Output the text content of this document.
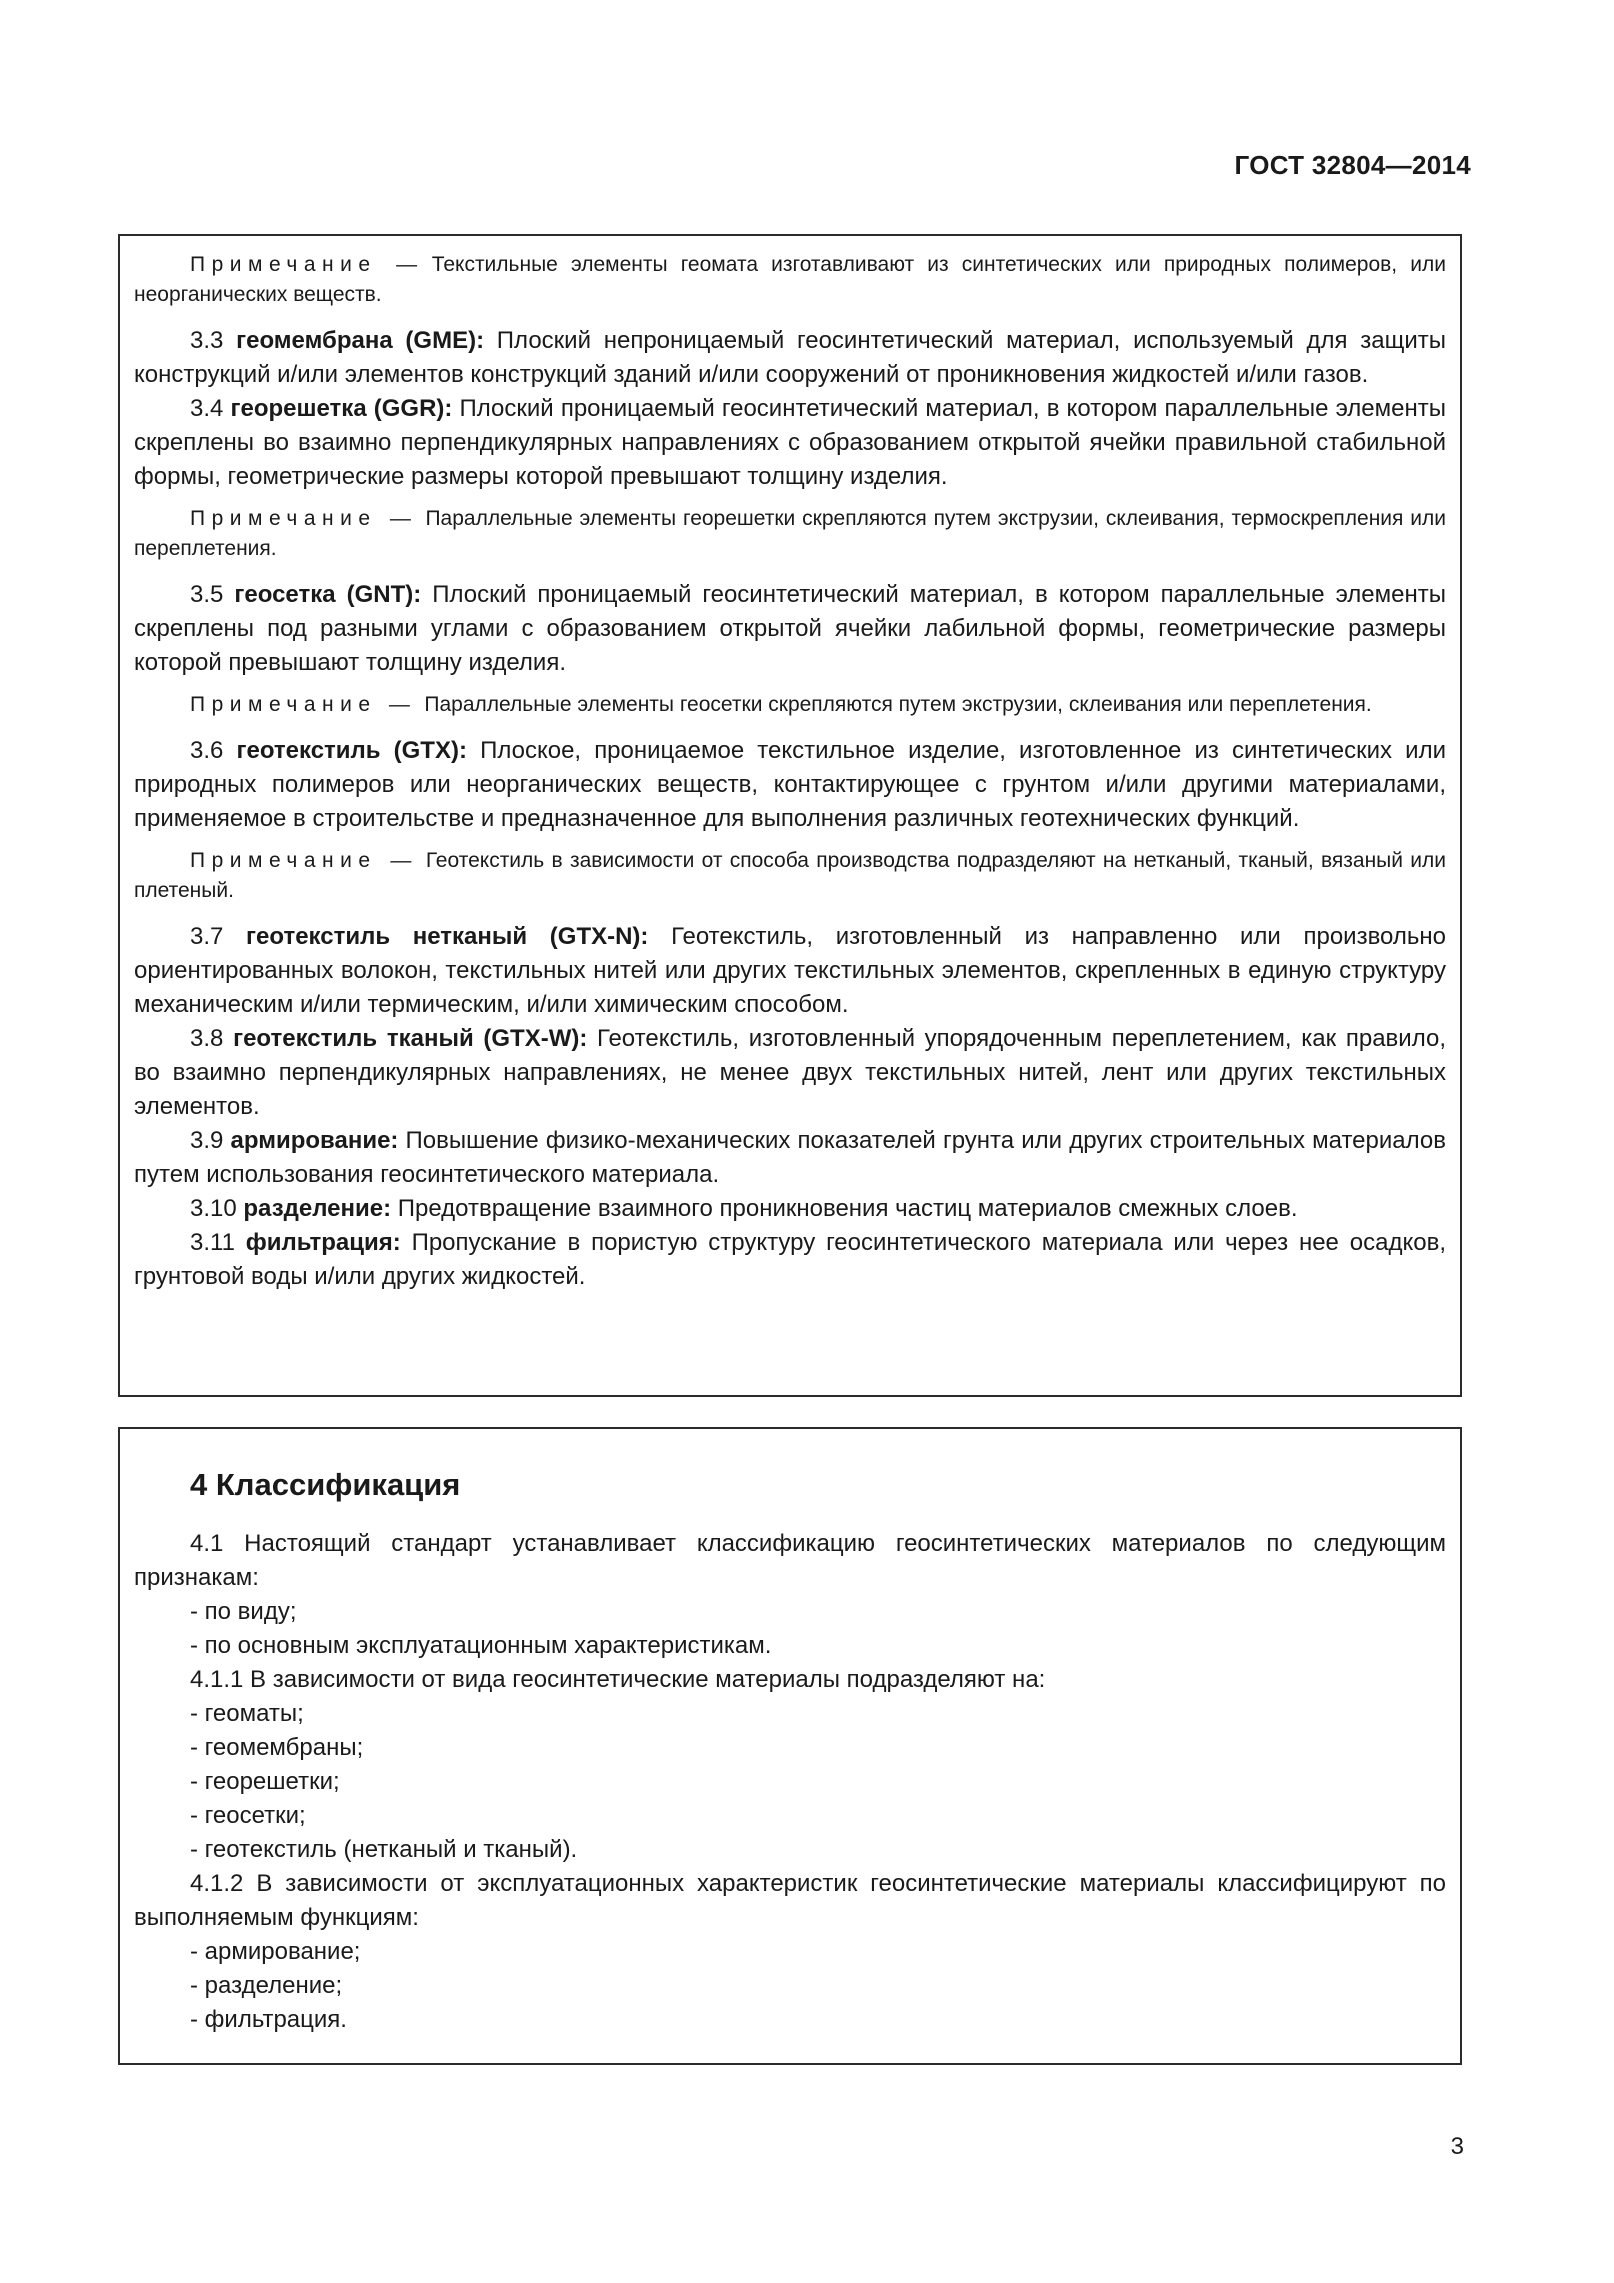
ГОСТ 32804—2014

Примечание — Текстильные элементы геомата изготавливают из синтетических или природных полимеров, или неорганических веществ.

3.3 геомембрана (GME): Плоский непроницаемый геосинтетический материал, используемый для защиты конструкций и/или элементов конструкций зданий и/или сооружений от проникновения жидкостей и/или газов.

3.4 георешетка (GGR): Плоский проницаемый геосинтетический материал, в котором параллельные элементы скреплены во взаимно перпендикулярных направлениях с образованием открытой ячейки правильной стабильной формы, геометрические размеры которой превышают толщину изделия.

Примечание — Параллельные элементы георешетки скрепляются путем экструзии, склеивания, термоскрепления или переплетения.

3.5 геосетка (GNT): Плоский проницаемый геосинтетический материал, в котором параллельные элементы скреплены под разными углами с образованием открытой ячейки лабильной формы, геометрические размеры которой превышают толщину изделия.

Примечание — Параллельные элементы геосетки скрепляются путем экструзии, склеивания или переплетения.

3.6 геотекстиль (GTX): Плоское, проницаемое текстильное изделие, изготовленное из синтетических или природных полимеров или неорганических веществ, контактирующее с грунтом и/или другими материалами, применяемое в строительстве и предназначенное для выполнения различных геотехнических функций.

Примечание — Геотекстиль в зависимости от способа производства подразделяют на нетканый, тканый, вязаный или плетеный.

3.7 геотекстиль нетканый (GTX-N): Геотекстиль, изготовленный из направленно или произвольно ориентированных волокон, текстильных нитей или других текстильных элементов, скрепленных в единую структуру механическим и/или термическим, и/или химическим способом.

3.8 геотекстиль тканый (GTX-W): Геотекстиль, изготовленный упорядоченным переплетением, как правило, во взаимно перпендикулярных направлениях, не менее двух текстильных нитей, лент или других текстильных элементов.

3.9 армирование: Повышение физико-механических показателей грунта или других строительных материалов путем использования геосинтетического материала.

3.10 разделение: Предотвращение взаимного проникновения частиц материалов смежных слоев.

3.11 фильтрация: Пропускание в пористую структуру геосинтетического материала или через нее осадков, грунтовой воды и/или других жидкостей.

4 Классификация

4.1 Настоящий стандарт устанавливает классификацию геосинтетических материалов по следующим признакам:

- по виду;
- по основным эксплуатационным характеристикам.

4.1.1 В зависимости от вида геосинтетические материалы подразделяют на:

- геоматы;
- геомембраны;
- георешетки;
- геосетки;
- геотекстиль (нетканый и тканый).

4.1.2 В зависимости от эксплуатационных характеристик геосинтетические материалы классифицируют по выполняемым функциям:

- армирование;
- разделение;
- фильтрация.
3
